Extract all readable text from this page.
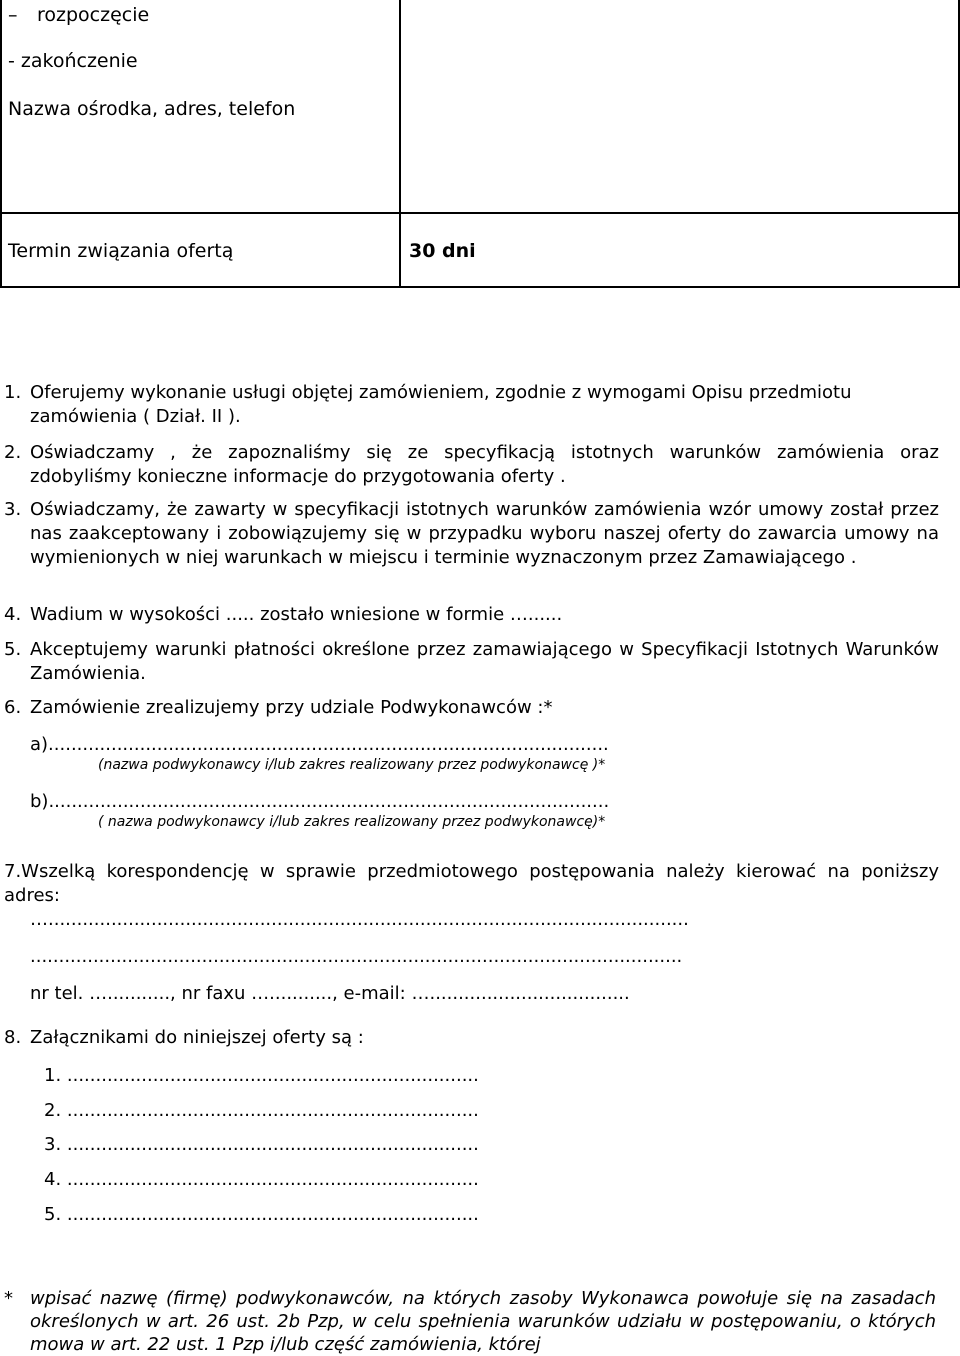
– rozpoczęcie
- zakończenie
Nazwa ośrodka, adres, telefon
Termin związania ofertą	30 dni
1. Oferujemy wykonanie usługi objętej zamówieniem, zgodnie z wymogami Opisu przedmiotu zamówienia ( Dział. II ).
2. Oświadczamy , że zapoznaliśmy się ze specyfikacją istotnych warunków zamówienia oraz zdobyliśmy konieczne informacje do przygotowania oferty .
3. Oświadczamy, że zawarty w specyfikacji istotnych warunków zamówienia wzór umowy został przez nas zaakceptowany i zobowiązujemy się w przypadku wyboru naszej oferty do zawarcia umowy na wymienionych w niej warunkach w miejscu i terminie wyznaczonym przez Zamawiającego .
4. Wadium w wysokości ..... zostało wniesione w formie …......
5. Akceptujemy warunki płatności określone przez zamawiającego w Specyfikacji Istotnych Warunków Zamówienia.
6. Zamówienie zrealizujemy przy udziale Podwykonawców :*
a)..................................................................................................
(nazwa podwykonawcy i/lub zakres realizowany przez podwykonawcę )*
b)..................................................................................................
( nazwa podwykonawcy i/lub zakres realizowany przez podwykonawcę)*
7.Wszelką korespondencję w sprawie przedmiotowego postępowania należy kierować na poniższy adres:
…................................................................................................................
..................................................................................................................
nr tel. …..........., nr faxu …..........., e-mail: …...................................
8. Załącznikami do niniejszej oferty są :
1. ........................................................................
2. ........................................................................
3. ........................................................................
4. ........................................................................
5. ........................................................................
* wpisać nazwę (firmę) podwykonawców, na których zasoby Wykonawca powołuje się na zasadach określonych w art. 26 ust. 2b Pzp, w celu spełnienia warunków udziału w postępowaniu, o których mowa w art. 22 ust. 1 Pzp i/lub część zamówienia, której
